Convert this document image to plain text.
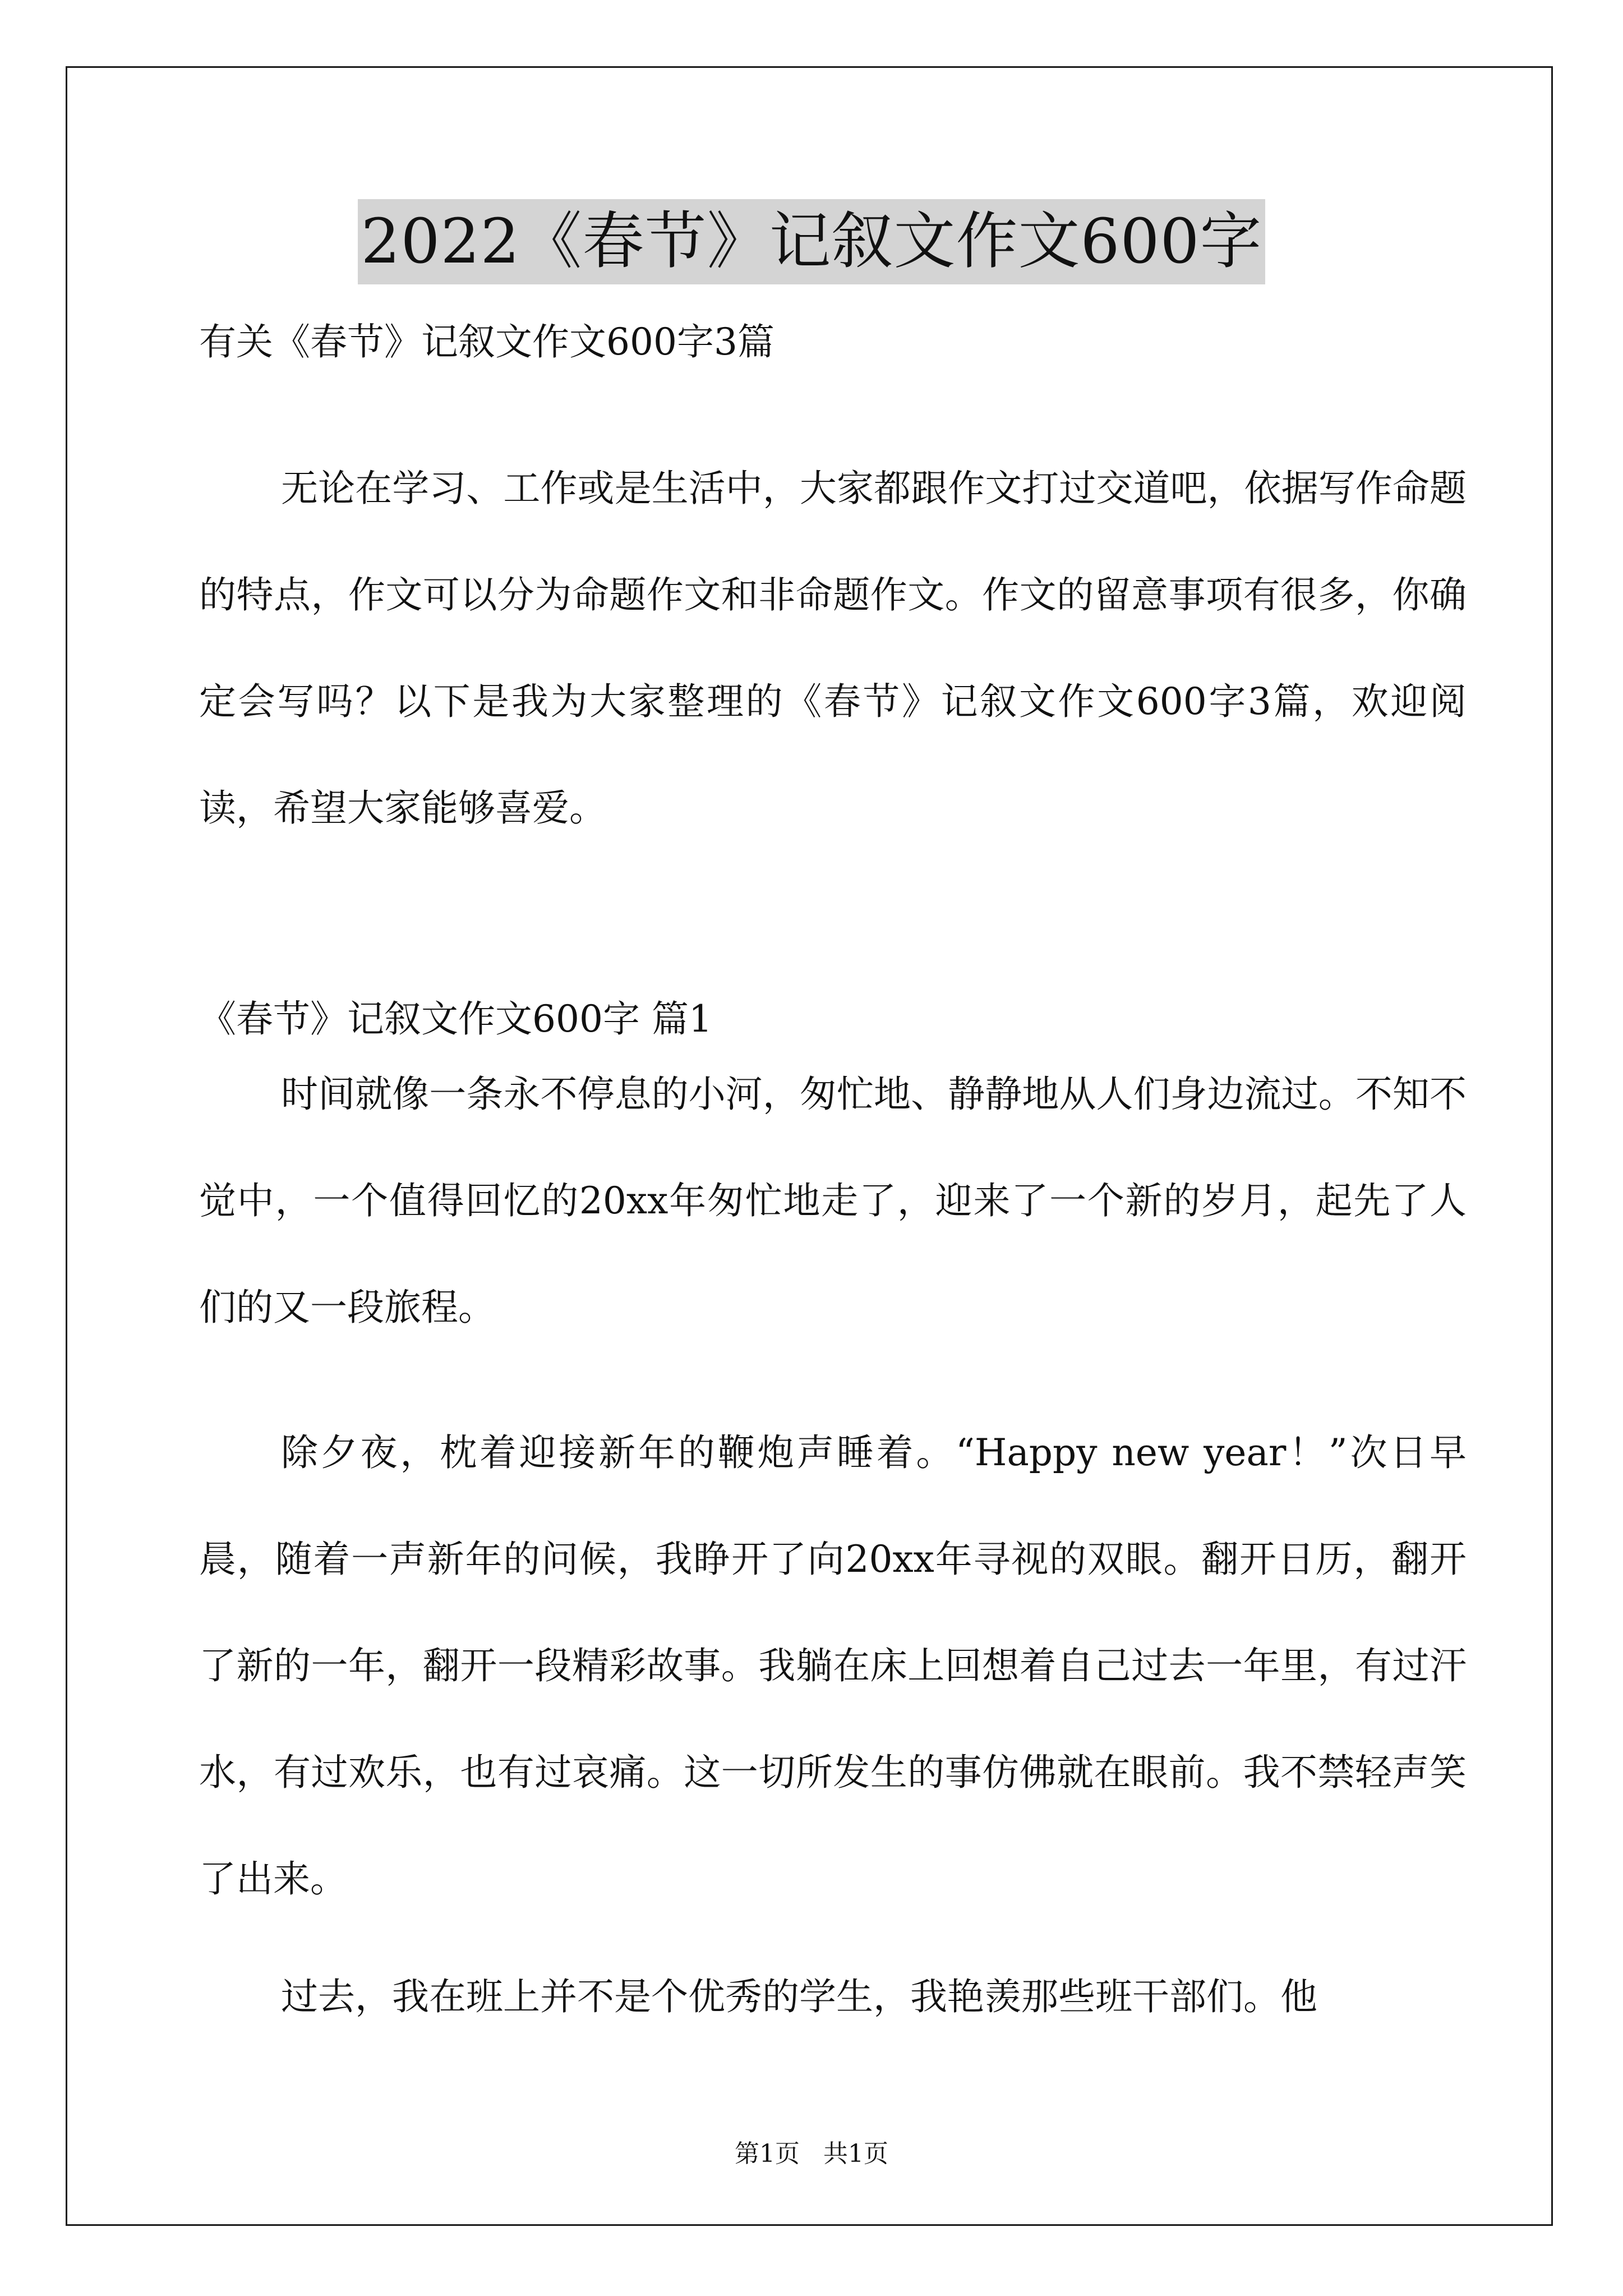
2022《春节》记叙文作文600字

有关《春节》记叙文作文600字3篇

无论在学习、工作或是生活中，大家都跟作文打过交道吧，依据写作命题的特点，作文可以分为命题作文和非命题作文。作文的留意事项有很多，你确定会写吗？以下是我为大家整理的《春节》记叙文作文600字3篇，欢迎阅读，希望大家能够喜爱。

《春节》记叙文作文600字 篇1

时间就像一条永不停息的小河，匆忙地、静静地从人们身边流过。不知不觉中，一个值得回忆的20xx年匆忙地走了，迎来了一个新的岁月，起先了人们的又一段旅程。

除夕夜，枕着迎接新年的鞭炮声睡着。“Happy new year！”次日早晨，随着一声新年的问候，我睁开了向20xx年寻视的双眼。翻开日历，翻开了新的一年，翻开一段精彩故事。我躺在床上回想着自己过去一年里，有过汗水，有过欢乐，也有过哀痛。这一切所发生的事仿佛就在眼前。我不禁轻声笑了出来。

过去，我在班上并不是个优秀的学生，我艳羡那些班干部们。他

第1页   共1页
